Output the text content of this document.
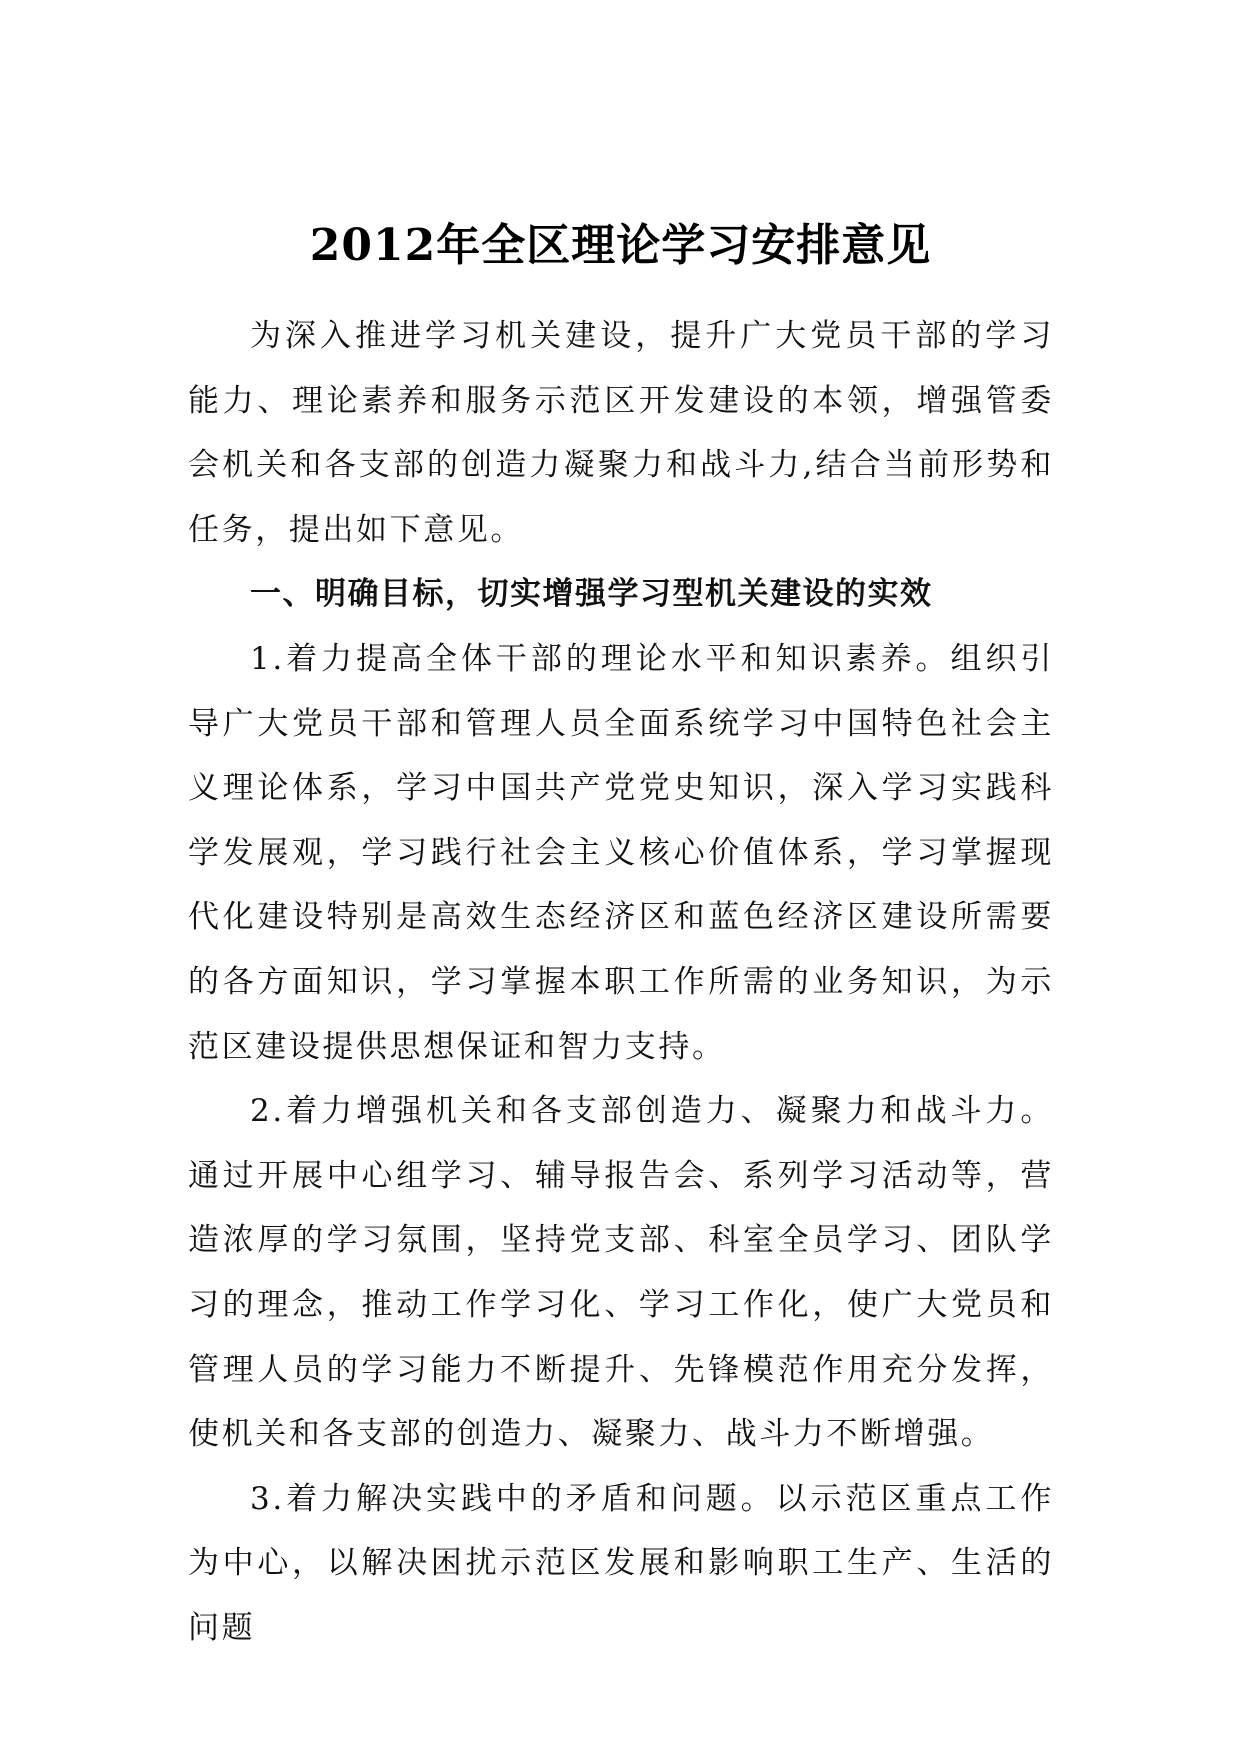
2012年全区理论学习安排意见

为深入推进学习机关建设，提升广大党员干部的学习能力、理论素养和服务示范区开发建设的本领，增强管委会机关和各支部的创造力凝聚力和战斗力,结合当前形势和任务，提出如下意见。

一、明确目标，切实增强学习型机关建设的实效

1.着力提高全体干部的理论水平和知识素养。组织引导广大党员干部和管理人员全面系统学习中国特色社会主义理论体系，学习中国共产党党史知识，深入学习实践科学发展观，学习践行社会主义核心价值体系，学习掌握现代化建设特别是高效生态经济区和蓝色经济区建设所需要的各方面知识，学习掌握本职工作所需的业务知识，为示范区建设提供思想保证和智力支持。

2.着力增强机关和各支部创造力、凝聚力和战斗力。通过开展中心组学习、辅导报告会、系列学习活动等，营造浓厚的学习氛围，坚持党支部、科室全员学习、团队学习的理念，推动工作学习化、学习工作化，使广大党员和管理人员的学习能力不断提升、先锋模范作用充分发挥，使机关和各支部的创造力、凝聚力、战斗力不断增强。

3.着力解决实践中的矛盾和问题。以示范区重点工作为中心，以解决困扰示范区发展和影响职工生产、生活的问题
